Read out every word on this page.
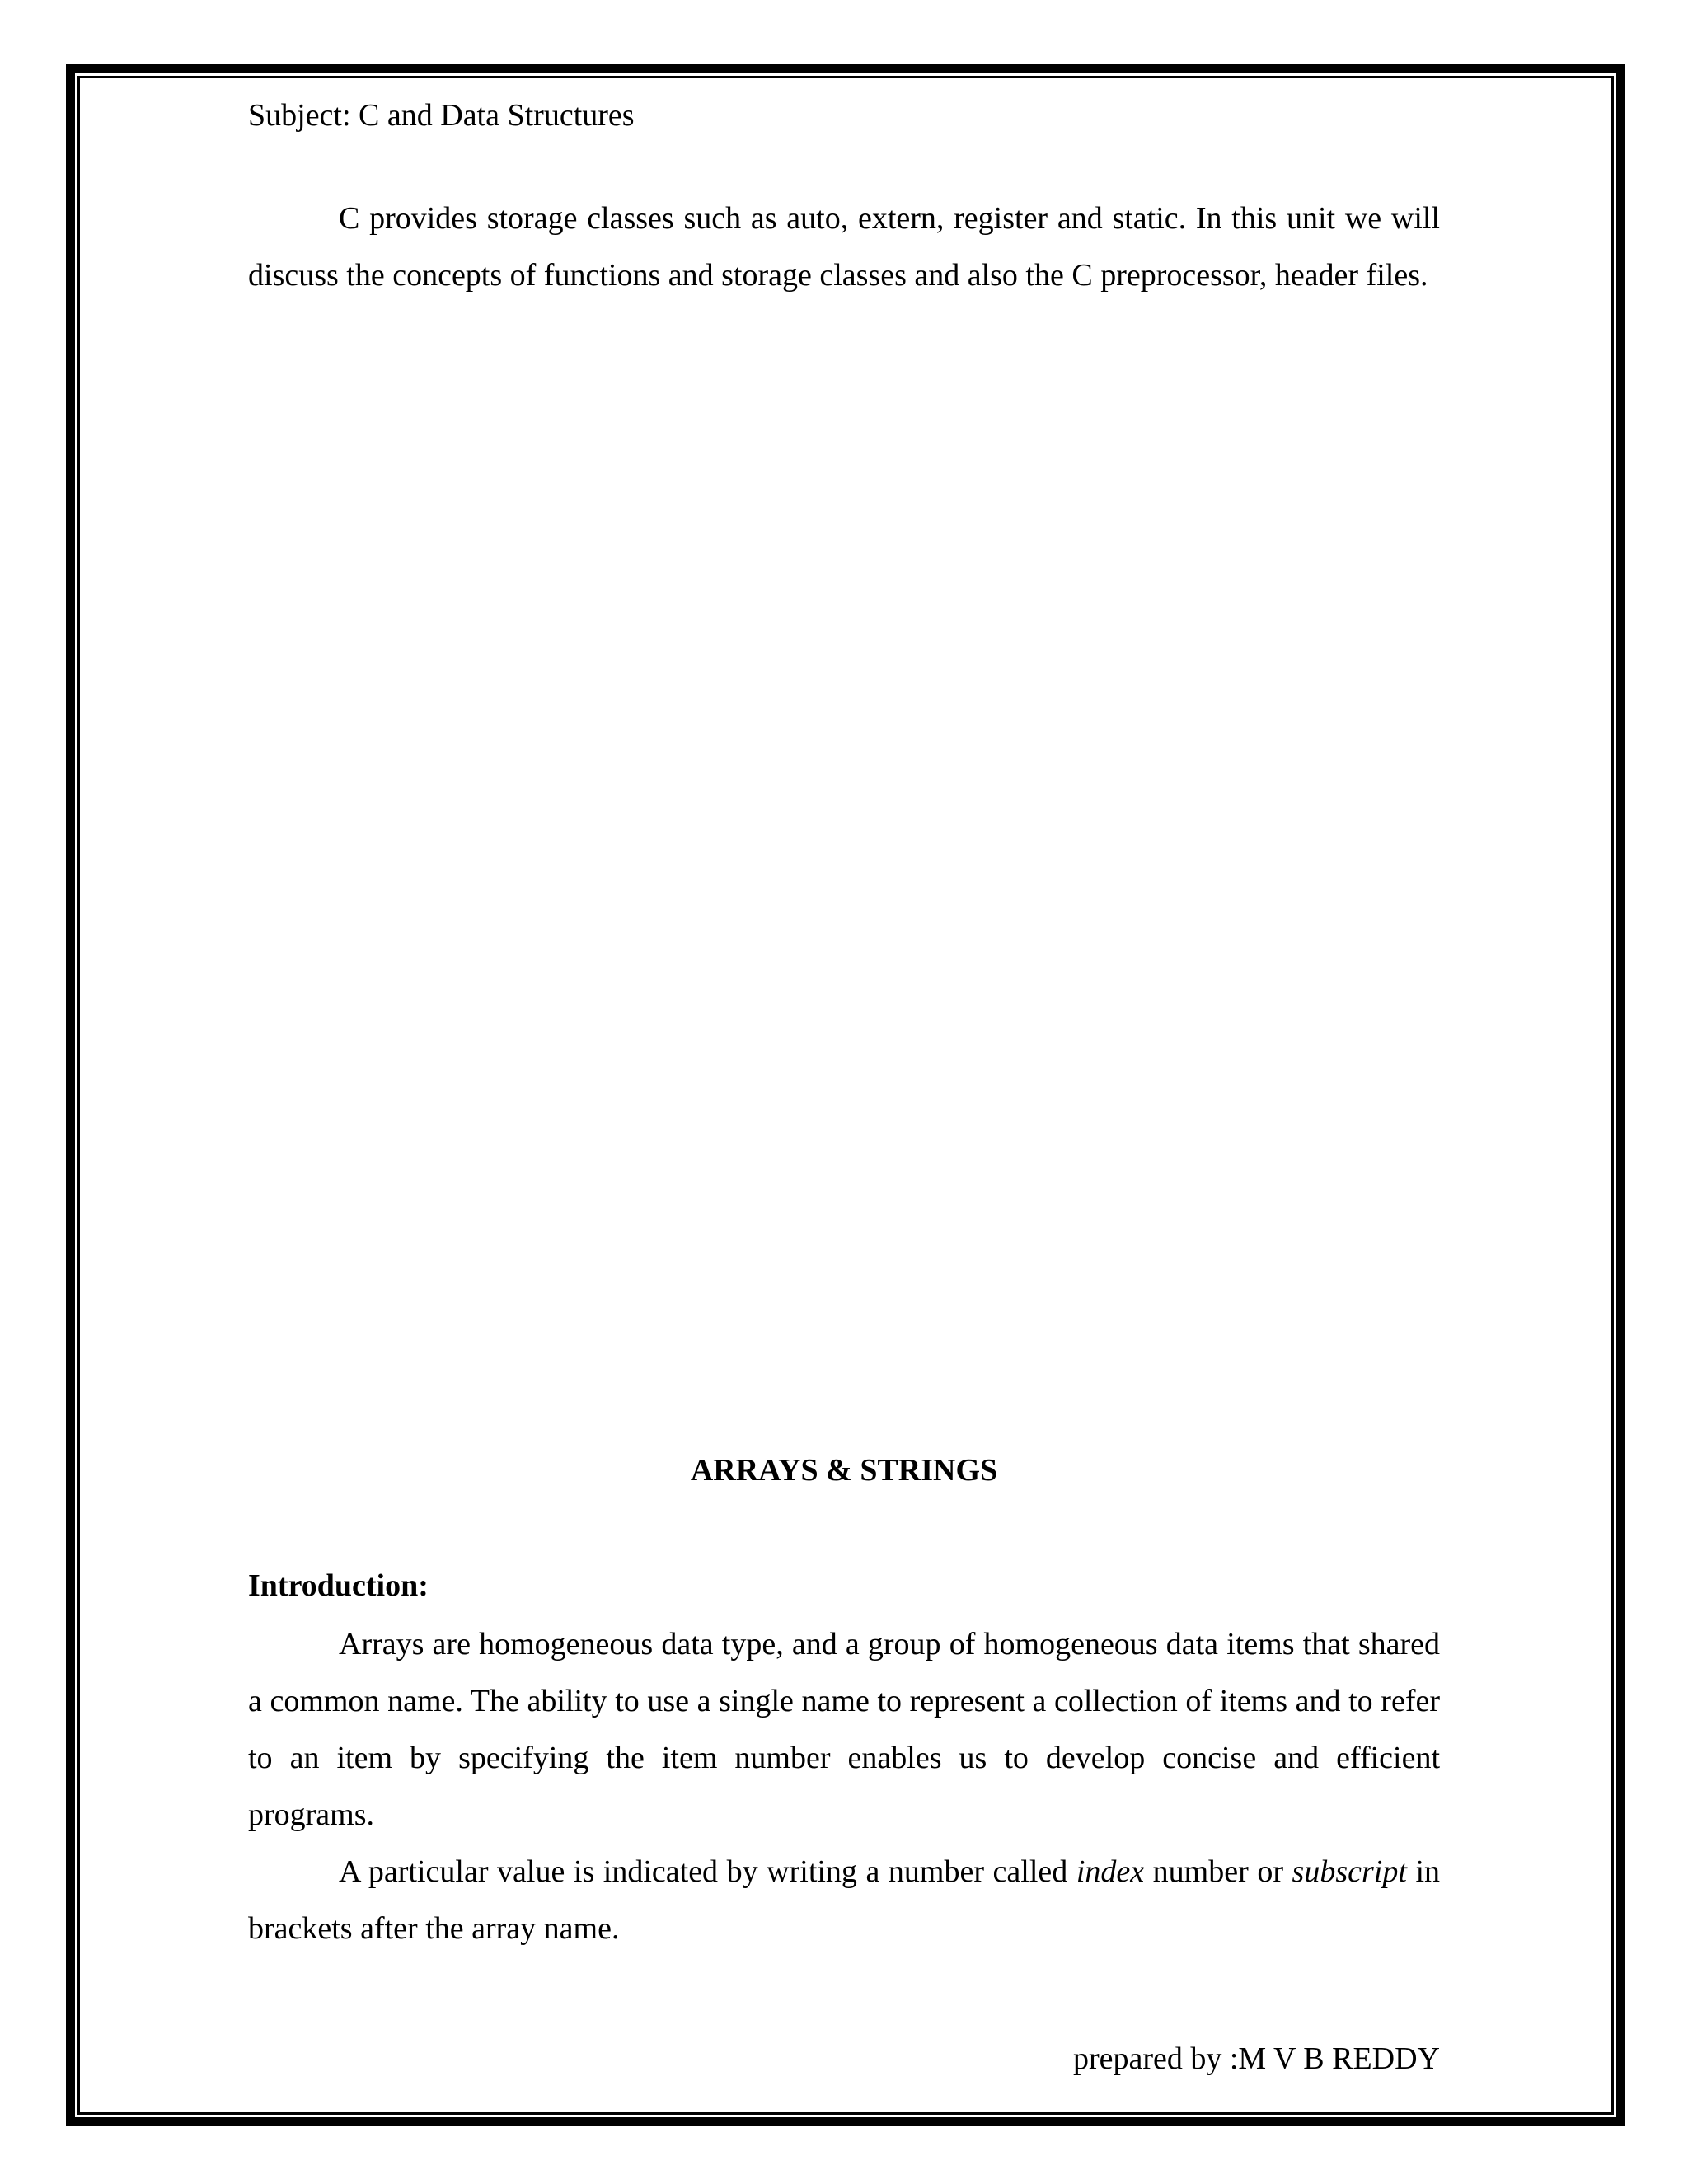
Subject: C and Data Structures

C provides storage classes such as auto, extern, register and static. In this unit we will discuss the concepts of functions and storage classes and also the C preprocessor, header files.

ARRAYS & STRINGS
Introduction:

Arrays are homogeneous data type, and a group of homogeneous data items that shared a common name. The ability to use a single name to represent a collection of items and to refer to an item by specifying the item number enables us to develop concise and efficient programs.

A particular value is indicated by writing a number called index number or subscript in brackets after the array name.

prepared by :M V B REDDY
